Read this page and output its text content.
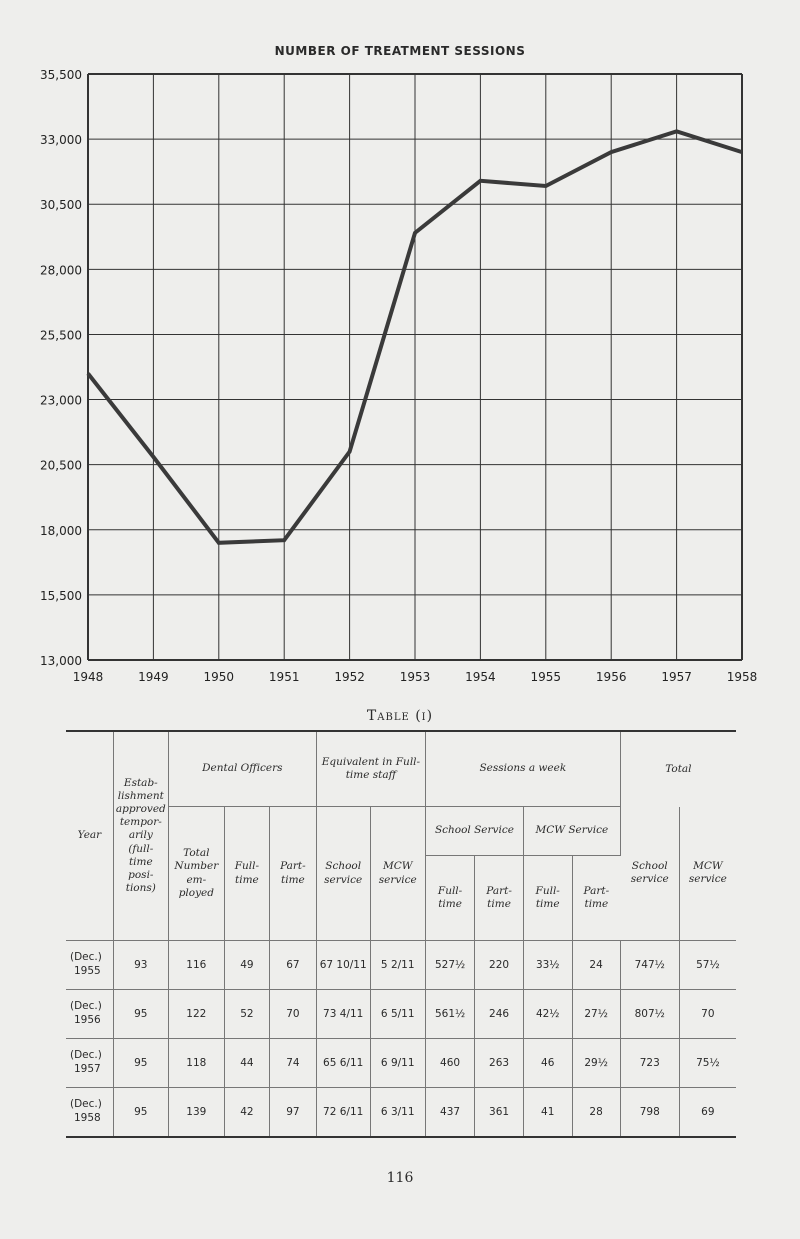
NUMBER OF TREATMENT SESSIONS
35,500
33,000
30,500
28,000
25,500
23,000
20,500
18,000
15,500
13,000
1948	1949	1950	1951	1952	1953	1954	1955	1956	1957	1958
Table (i)
Year	Estab- lishment approved tempor- arily (full- time posi- tions)	Dental Officers			Equivalent in Full-time staff		Sessions a week				Total	
		Total Number em- ployed	Full- time	Part- time	School service	MCW service	School Service		MCW Service		School service	MCW service
							Full- time	Part- time	Full- time	Part- time		

(Dec.)
1955	93	116	49	67	67 10/11	5 2/11	527½	220	33½	24	747½	57½

(Dec.)
1956	95	122	52	70	73 4/11	6 5/11	561½	246	42½	27½	807½	70

(Dec.)
1957	95	118	44	74	65 6/11	6 9/11	460	263	46	29½	723	75½

(Dec.)
1958	95	139	42	97	72 6/11	6 3/11	437	361	41	28	798	69
116
